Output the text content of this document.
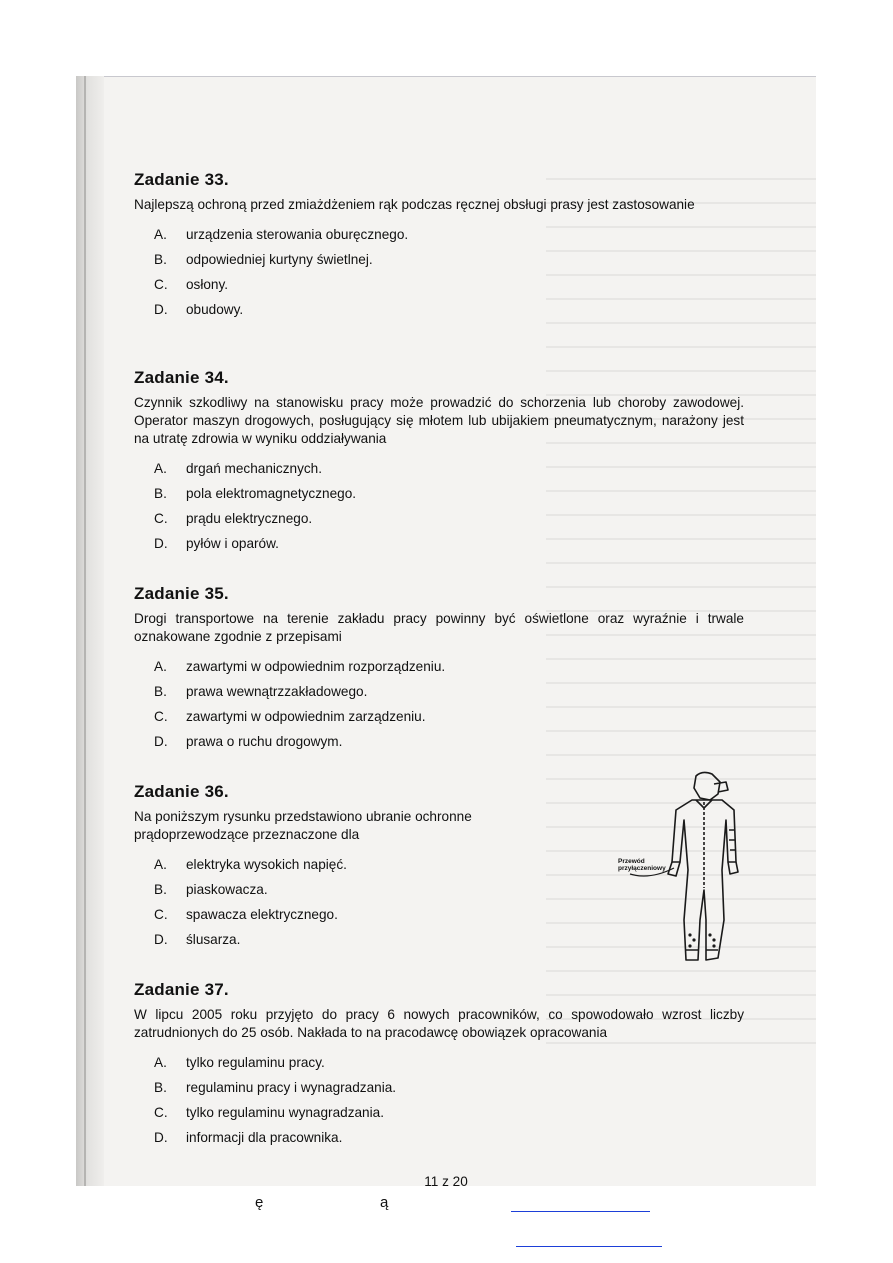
11 z 20
Zadanie 33.

Najlepszą ochroną przed zmiażdżeniem rąk podczas ręcznej obsługi prasy jest zastosowanie

A. urządzenia sterowania oburęcznego.
B. odpowiedniej kurtyny świetlnej.
C. osłony.
D. obudowy.
Zadanie 34.

Czynnik szkodliwy na stanowisku pracy może prowadzić do schorzenia lub choroby zawodowej. Operator maszyn drogowych, posługujący się młotem lub ubijakiem pneumatycznym, narażony jest na utratę zdrowia w wyniku oddziaływania

A. drgań mechanicznych.
B. pola elektromagnetycznego.
C. prądu elektrycznego.
D. pyłów i oparów.
Zadanie 35.

Drogi transportowe na terenie zakładu pracy powinny być oświetlone oraz wyraźnie i trwale oznakowane zgodnie z przepisami

A. zawartymi w odpowiednim rozporządzeniu.
B. prawa wewnątrzzakładowego.
C. zawartymi w odpowiednim zarządzeniu.
D. prawa o ruchu drogowym.
Zadanie 36.

Na poniższym rysunku przedstawiono ubranie ochronne prądoprzewodzące przeznaczone dla

A. elektryka wysokich napięć.
B. piaskowacza.
C. spawacza elektrycznego.
D. ślusarza.
Przewód
przyłączeniowy
Zadanie 37.

W lipcu 2005 roku przyjęto do pracy 6 nowych pracowników, co spowodowało wzrost liczby zatrudnionych do 25 osób. Nakłada to na pracodawcę obowiązek opracowania

A. tylko regulaminu pracy.
B. regulaminu pracy i wynagradzania.
C. tylko regulaminu wynagradzania.
D. informacji dla pracownika.
ę	ą
